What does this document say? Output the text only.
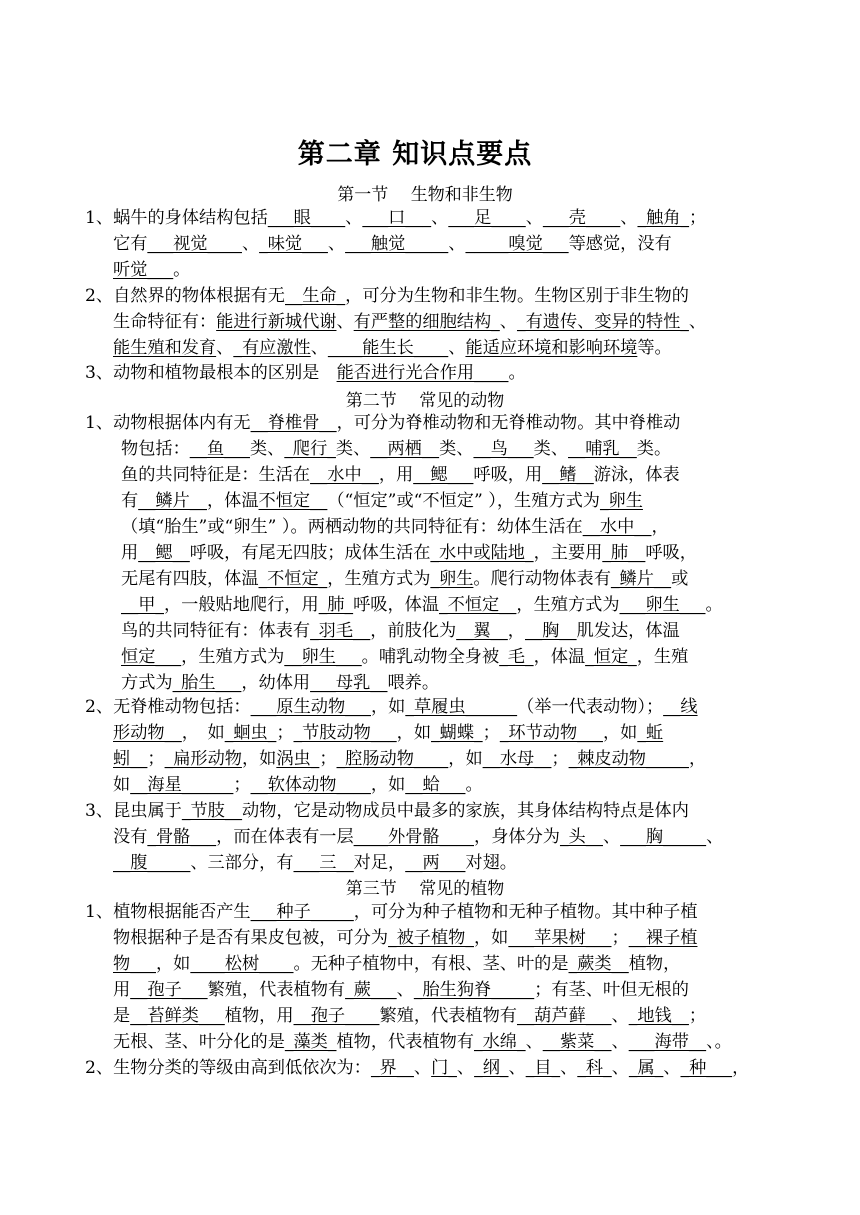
第二章 知识点要点
第一节　 生物和非生物
第二节　 常见的动物
第三节　 常见的植物
1、蜗牛的身体结构包括___眼____、___口___、___足____、___壳____、_触角_；
它有___视觉____、_味觉___、___触觉_____、_____嗅觉___等感觉，没有
听觉___。
2、自然界的物体根据有无__生命_，可分为生物和非生物。生物区别于非生物的
生命特征有：能进行新城代谢、有严整的细胞结构_、_有遗传、变异的特性_、
能生殖和发育、_有应激性、____能生长____、能适应环境和影响环境等。
3、动物和植物最根本的区别是　能否进行光合作用____。
1、动物根据体内有无__脊椎骨__，可分为脊椎动物和无脊椎动物。其中脊椎动
物包括：__鱼___类、_爬行_类、__两栖__类、__鸟___类、__哺乳__类。
鱼的共同特征是：生活在__水中__，用__鳃___呼吸，用__鳍__游泳，体表
有__鳞片__，体温不恒定__（“恒定”或“不恒定” ），生殖方式为_卵生
（填“胎生”或“卵生” ）。两栖动物的共同特征有：幼体生活在__水中__，
用__鳃__呼吸，有尾无四肢；成体生活在_水中或陆地_，主要用_肺__呼吸，
无尾有四肢，体温_不恒定_，生殖方式为_卵生。爬行动物体表有_鳞片__或
__甲_，一般贴地爬行，用_肺_呼吸，体温_不恒定__，生殖方式为___卵生___。
鸟的共同特征有：体表有_羽毛__，前肢化为__翼__，__胸__肌发达，体温
恒定___，生殖方式为__卵生___。哺乳动物全身被_毛_，体温_恒定_，生殖
方式为_胎生___，幼体用___母乳__喂养。
2、无脊椎动物包括：___原生动物___，如_草履虫______（举一代表动物）；__线
形动物__，　如_蛔虫_；_节肢动物___，如_蝴蝶_；_环节动物___，如_蚯
蚓__；_扁形动物，如涡虫_；_腔肠动物____，如__水母__；_棘皮动物_____，
如__海星______；__软体动物____，如__蛤___。
3、昆虫属于_节肢__动物，它是动物成员中最多的家族，其身体结构特点是体内
没有_骨骼___，而在体表有一层____外骨骼____，身体分为_头__、___胸_____、
__腹_____、三部分，有___三__对足，__两___对翅。
1、植物根据能否产生___种子_____，可分为种子植物和无种子植物。其中种子植
物根据种子是否有果皮包被，可分为_被子植物_，如___苹果树___；__裸子植
物___，如____松树____。无种子植物中，有根、茎、叶的是_蕨类__植物，
用__孢子___繁殖，代表植物有_蕨___、_胎生狗脊_____；有茎、叶但无根的
是__苔鲜类___植物，用__孢子____繁殖，代表植物有__葫芦藓___、_地钱__；
无根、茎、叶分化的是_藻类_植物，代表植物有_水绵_、__紫菜__、___海带__、。
2、生物分类的等级由高到低依次为：_界__、门_、_纲_、_目_、_科_、_属_、_种___，
